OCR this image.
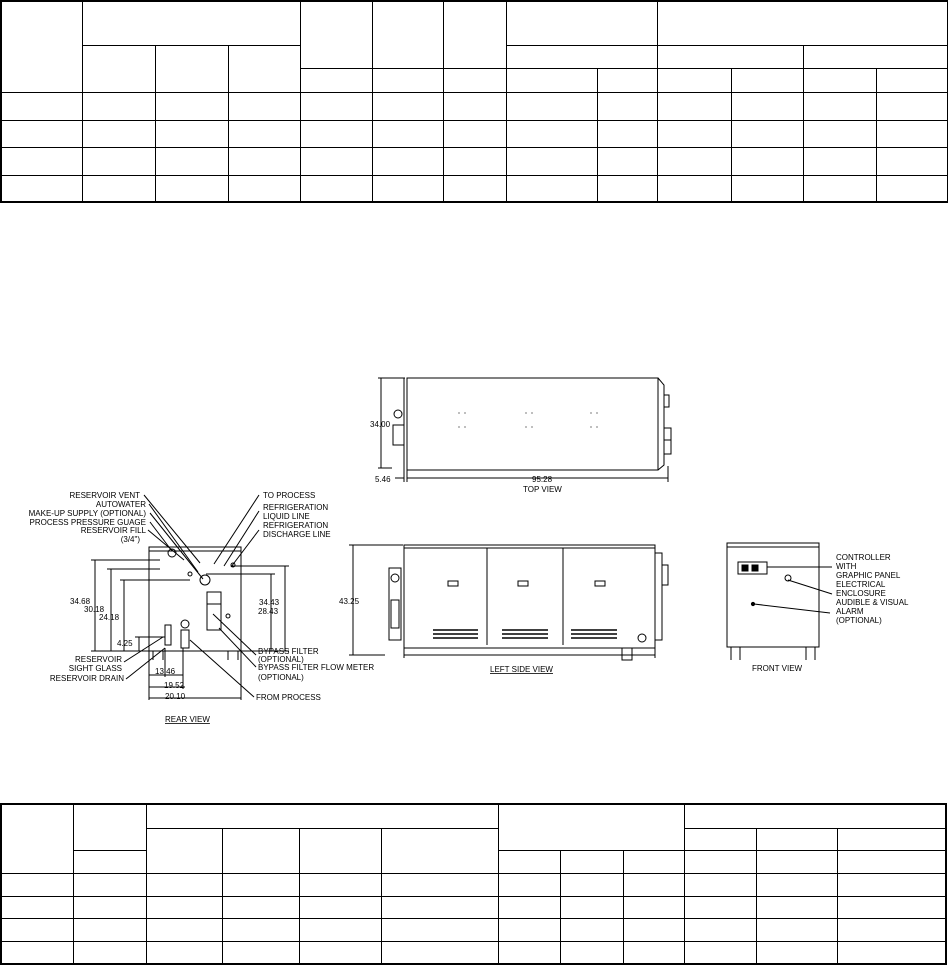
34.00
5.46	95.28
TOP VIEW
43.25
LEFT SIDE VIEW
CONTROLLER
WITH
GRAPHIC PANEL
ELECTRICAL
ENCLOSURE
AUDIBLE & VISUAL
ALARM
(OPTIONAL)
FRONT VIEW
RESERVOIR VENT
AUTOWATER
MAKE-UP SUPPLY (OPTIONAL)
PROCESS PRESSURE GUAGE
RESERVOIR FILL
(3/4")
TO PROCESS
REFRIGERATION
LIQUID LINE
REFRIGERATION
DISCHARGE LINE
RESERVOIR
SIGHT GLASS
RESERVOIR DRAIN
BYPASS FILTER
(OPTIONAL)
BYPASS FILTER FLOW METER
(OPTIONAL)
FROM PROCESS
34.68
30.18
24.18
4.25
34.43
28.43
13.46
19.52
20.10
REAR VIEW
